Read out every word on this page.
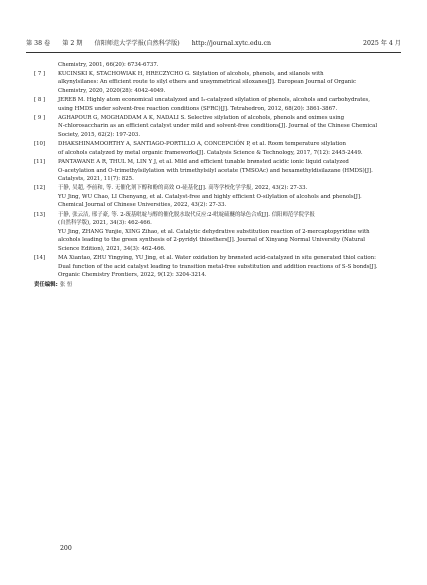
第 38 卷 第 2 期 信阳师范大学学报(自然科学版) http://journal.xytc.edu.cn	2025 年 4 月
Chemistry, 2001, 66(20): 6734-6737.
[ 7 ]	KUCINSKI K, STACHOWIAK H, HRECZYCHO G. Silylation of alcohols, phenols, and silanols with
alkynylsilanes: An efficient route to silyl ethers and unsymmetrical siloxanes[J]. European Journal of Organic
Chemistry, 2020, 2020(28): 4042-4049.
[ 8 ]	JEREB M. Highly atom economical uncatalyzed and I₂-catalyzed silylation of phenols, alcohols and carbohydrates,
using HMDS under solvent-free reaction conditions (SFRC)[J]. Tetrahedron, 2012, 68(20): 3861-3867.
[ 9 ]	AGHAPOUR G, MOGHADDAM A K, NADALI S. Selective silylation of alcohols, phenols and oximes using
N-chlorosaccharin as an efficient catalyst under mild and solvent-free conditions[J]. Journal of the Chinese Chemical
Society, 2015, 62(2): 197-203.
[10]	DHAKSHINAMOORTHY A, SANTIAGO-PORTILLO A, CONCEPCIÓN P, et al. Room temperature silylation
of alcohols catalyzed by metal organic frameworks[J]. Catalysis Science & Technology, 2017, 7(12): 2445-2449.
[11]	PANTAWANE A R, THUL M, LIN Y J, et al. Mild and efficient tunable brønsted acidic ionic liquid catalyzed
O-acetylation and O-trimethylsilylation with trimethylsilyl acetate (TMSOAc) and hexamethyldisilazane (HMDS)[J].
Catalysts, 2021, 11(7): 825.
[12]	于静, 吴超, 李前和, 等. 无催化剂下醇和酚的高效 O-硅基化[J]. 高等学校化学学报, 2022, 43(2): 27-33.
YU Jing, WU Chao, LI Chenyang, et al. Catalyst-free and highly efficient O-silylation of alcohols and phenols[J].
Chemical Journal of Chinese Universities, 2022, 43(2): 27-33.
[13]	于静, 张云洁, 邢子豪, 等. 2-巯基吡啶与醇的催化脱水取代反应:2-吡啶硫醚的绿色合成[J]. 信阳师范学院学报
(自然科学版), 2021, 34(3): 462-466.
YU Jing, ZHANG Yunjie, XING Zihao, et al. Catalytic dehydrative substitution reaction of 2-mercaptopyridine with
alcohols leading to the green synthesis of 2-pyridyl thioethers[J]. Journal of Xinyang Normal University (Natural
Science Edition), 2021, 34(3): 462-466.
[14]	MA Xiantao, ZHU Yingying, YU Jing, et al. Water oxidation by brønsted acid-catalyzed in situ generated thiol cation:
Dual function of the acid catalyst leading to transition metal-free substitution and addition reactions of S-S bonds[J].
Organic Chemistry Frontiers, 2022, 9(12): 3204-3214.
责任编辑: 张 恒
200
